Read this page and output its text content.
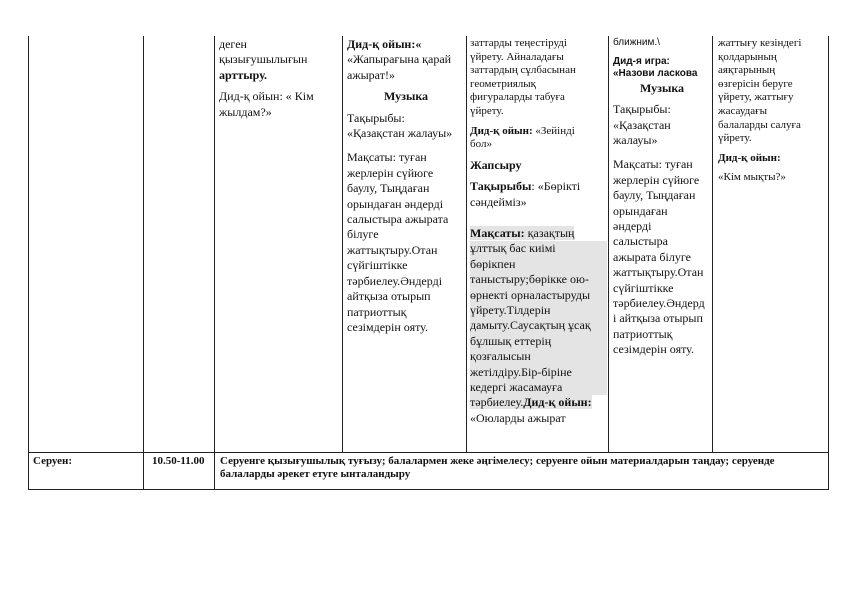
деген

қызығушылығын

арттыру.

Дид-қ ойын: « Кім

жылдам?»

Дид-қ ойын:«

«Жапырағына қарай

ажырат!»

Музыка

Тақырыбы:

«Қазақстан жалауы»

Мақсаты: туған

жерлерін сүйюге

баулу, Тыңдаған

орындаған әндерді

салыстыра ажырата

білуге

жаттықтыру.Отан

сүйгіштікке

тәрбиелеу.Әндерді

айтқыза отырып

патриоттық

сезімдерін ояту.

заттарды теңестіруді

үйрету. Айналадағы

заттардың сұлбасынан

геометриялық

фигураларды табуға

үйрету.

Дид-қ ойын: «Зейінді

бол»

Жапсыру

Тақырыбы: «Бөрікті

сәндейміз»

Мақсаты: қазақтың

ұлттық бас киімі

бөрікпен

таныстыру;бөрікке ою-

өрнекті орналастыруды

үйрету.Тілдерін

дамыту.Саусақтың ұсақ

бұлшық еттерің

қозғалысын

жетілдіру.Бір-біріне

кедергі жасамауға

тәрбиелеу.Дид-қ ойын:

«Оюларды ажырат

ближним.\

Дид-я игра:

«Назови ласкова

Музыка

Тақырыбы:

«Қазақстан

жалауы»

Мақсаты: туған

жерлерін сүйюге

баулу, Тыңдаған

орындаған

әндерді

салыстыра

ажырата білуге

жаттықтыру.Отан

сүйгіштікке

тәрбиелеу.Әндерд

і айтқыза отырып

патриоттық

сезімдерін ояту.

жаттығу кезіндегі

қолдарының

аяқтарының

өзгерісін беруге

үйрету, жаттығу

жасаудағы

балаларды салуға

үйрету.

Дид-қ ойын:

«Кім мықты?»

Серуен:	10.50-11.00 Серуенге қызығушылық туғызу; балалармен жеке әңгімелесу; серуенге ойын материалдарын таңдау; серуенде
балаларды әрекет етуге ынталандыру
